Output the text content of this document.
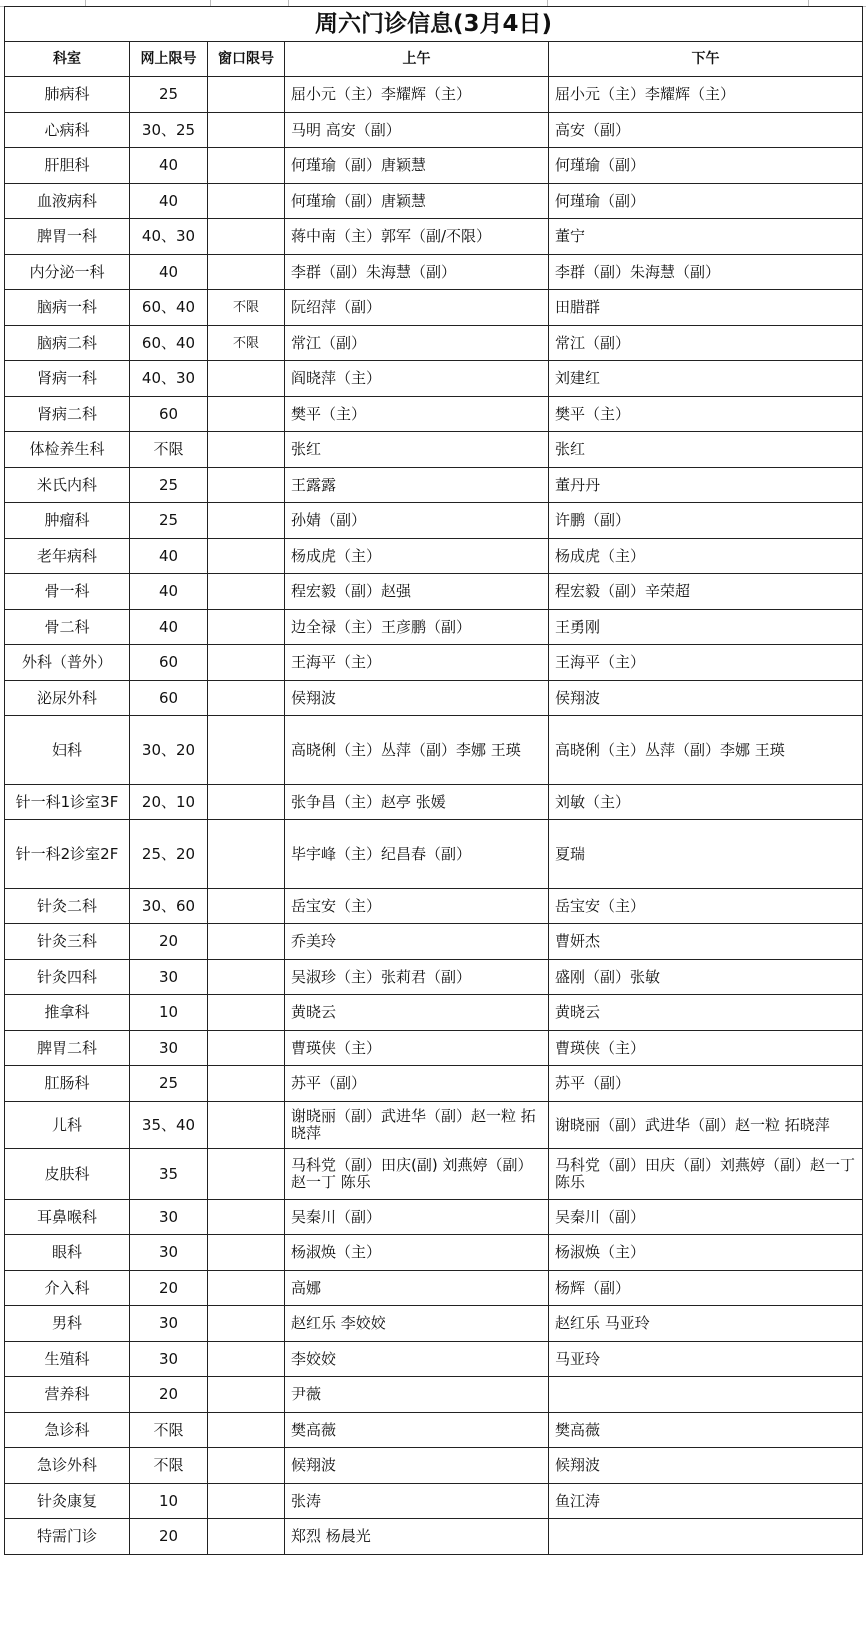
周六门诊信息(3月4日)				
科室	网上限号	窗口限号	上午	下午
肺病科	25		屈小元（主）李耀辉（主）	屈小元（主）李耀辉（主）
心病科	30、25		马明 高安（副）	高安（副）
肝胆科	40		何瑾瑜（副）唐颖慧	何瑾瑜（副）
血液病科	40		何瑾瑜（副）唐颖慧	何瑾瑜（副）
脾胃一科	40、30		蒋中南（主）郭军（副/不限）	董宁
内分泌一科	40		李群（副）朱海慧（副）	李群（副）朱海慧（副）
脑病一科	60、40	不限	阮绍萍（副）	田腊群
脑病二科	60、40	不限	常江（副）	常江（副）
肾病一科	40、30		阎晓萍（主）	刘建红
肾病二科	60		樊平（主）	樊平（主）
体检养生科	不限		张红	张红
米氏内科	25		王露露	董丹丹
肿瘤科	25		孙婧（副）	许鹏（副）
老年病科	40		杨成虎（主）	杨成虎（主）
骨一科	40		程宏毅（副）赵强	程宏毅（副）辛荣超
骨二科	40		边全禄（主）王彦鹏（副）	王勇刚
外科（普外）	60		王海平（主）	王海平（主）
泌尿外科	60		侯翔波	侯翔波
妇科	30、20		高晓俐（主）丛萍（副）李娜 王瑛	高晓俐（主）丛萍（副）李娜 王瑛
针一科1诊室3F	20、10		张争昌（主）赵亭 张媛	刘敏（主）
针一科2诊室2F	25、20		毕宇峰（主）纪昌春（副）	夏瑞
针灸二科	30、60		岳宝安（主）	岳宝安（主）
针灸三科	20		乔美玲	曹妍杰
针灸四科	30		吴淑珍（主）张莉君（副）	盛刚（副）张敏
推拿科	10		黄晓云	黄晓云
脾胃二科	30		曹瑛侠（主）	曹瑛侠（主）
肛肠科	25		苏平（副）	苏平（副）
儿科	35、40		谢晓丽（副）武进华（副）赵一粒 拓晓萍	谢晓丽（副）武进华（副）赵一粒 拓晓萍
皮肤科	35		马科党（副）田庆(副) 刘燕婷（副）赵一丁 陈乐	马科党（副）田庆（副）刘燕婷（副）赵一丁 陈乐
耳鼻喉科	30		吴秦川（副）	吴秦川（副）
眼科	30		杨淑焕（主）	杨淑焕（主）
介入科	20		高娜	杨辉（副）
男科	30		赵红乐 李姣姣	赵红乐 马亚玲
生殖科	30		李姣姣	马亚玲
营养科	20		尹薇	
急诊科	不限		樊高薇	樊高薇
急诊外科	不限		候翔波	候翔波
针灸康复	10		张涛	鱼江涛
特需门诊	20		郑烈 杨晨光	
